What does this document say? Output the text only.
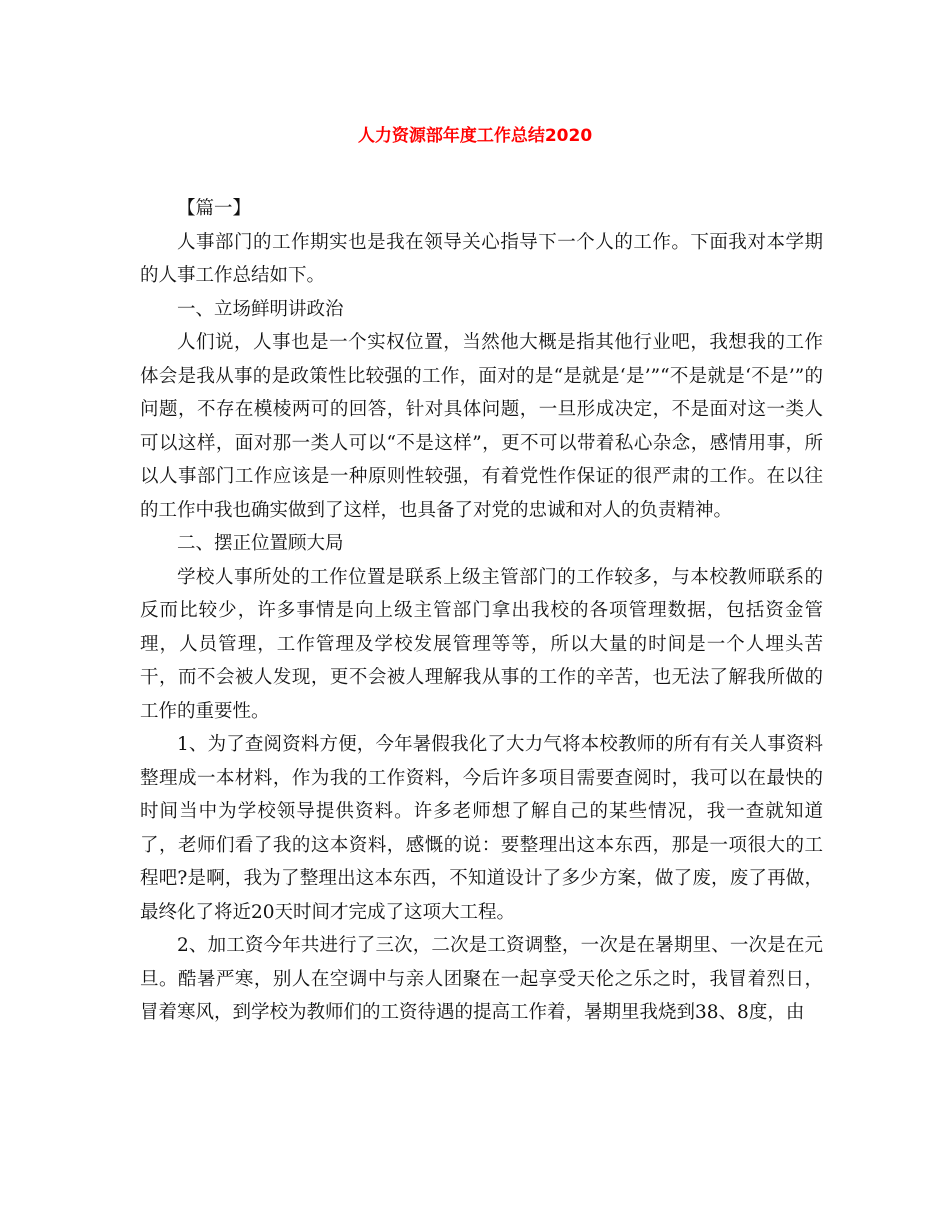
人力资源部年度工作总结2020

【篇一】

人事部门的工作期实也是我在领导关心指导下一个人的工作。下面我对本学期的人事工作总结如下。

一、立场鲜明讲政治

人们说，人事也是一个实权位置，当然他大概是指其他行业吧，我想我的工作体会是我从事的是政策性比较强的工作，面对的是“是就是‘是’”“不是就是‘不是’”的问题，不存在模棱两可的回答，针对具体问题，一旦形成决定，不是面对这一类人可以这样，面对那一类人可以“不是这样”，更不可以带着私心杂念，感情用事，所以人事部门工作应该是一种原则性较强，有着党性作保证的很严肃的工作。在以往的工作中我也确实做到了这样，也具备了对党的忠诚和对人的负责精神。

二、摆正位置顾大局

学校人事所处的工作位置是联系上级主管部门的工作较多，与本校教师联系的反而比较少，许多事情是向上级主管部门拿出我校的各项管理数据，包括资金管理，人员管理，工作管理及学校发展管理等等，所以大量的时间是一个人埋头苦干，而不会被人发现，更不会被人理解我从事的工作的辛苦，也无法了解我所做的工作的重要性。

1、为了查阅资料方便，今年暑假我化了大力气将本校教师的所有有关人事资料整理成一本材料，作为我的工作资料，今后许多项目需要查阅时，我可以在最快的时间当中为学校领导提供资料。许多老师想了解自己的某些情况，我一查就知道了，老师们看了我的这本资料，感慨的说：要整理出这本东西，那是一项很大的工程吧?是啊，我为了整理出这本东西，不知道设计了多少方案，做了废，废了再做，最终化了将近20天时间才完成了这项大工程。

2、加工资今年共进行了三次，二次是工资调整，一次是在暑期里、一次是在元旦。酷暑严寒，别人在空调中与亲人团聚在一起享受天伦之乐之时，我冒着烈日，冒着寒风，到学校为教师们的工资待遇的提高工作着，暑期里我烧到38、8度，由
